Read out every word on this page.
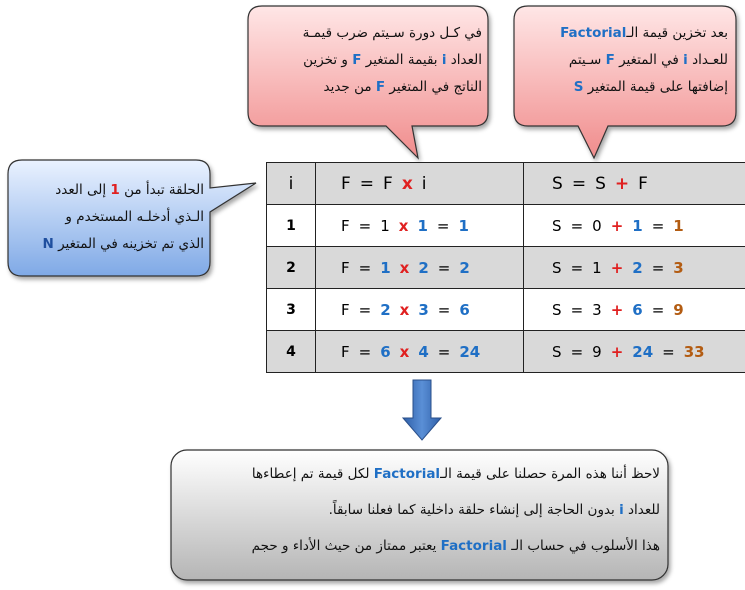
الحلقة تبدأ من 1 إلى العدد
الـذي أدخلـه المستخدم و
الذي تم تخزينه في المتغير N
في كـل دورة سـيتم ضرب قيمـة
العداد i بقيمة المتغير F و تخزين
الناتج في المتغير F من جديد
بعد تخزين قيمة الـFactorial
للعـداد i في المتغير F سـيتم
إضافتها على قيمة المتغير S
i	F = F x i	S = S + F
1	F = 1 x 1 = 1	S = 0 + 1 = 1
2	F = 1 x 2 = 2	S = 1 + 2 = 3
3	F = 2 x 3 = 6	S = 3 + 6 = 9
4	F = 6 x 4 = 24	S = 9 + 24 = 33
لاحظ أننا هذه المرة حصلنا على قيمة الـFactorial لكل قيمة تم إعطاءها
للعداد i بدون الحاجة إلى إنشاء حلقة داخلية كما فعلنا سابقاً.
هذا الأسلوب في حساب الـ Factorial يعتبر ممتاز من حيث الأداء و حجم
